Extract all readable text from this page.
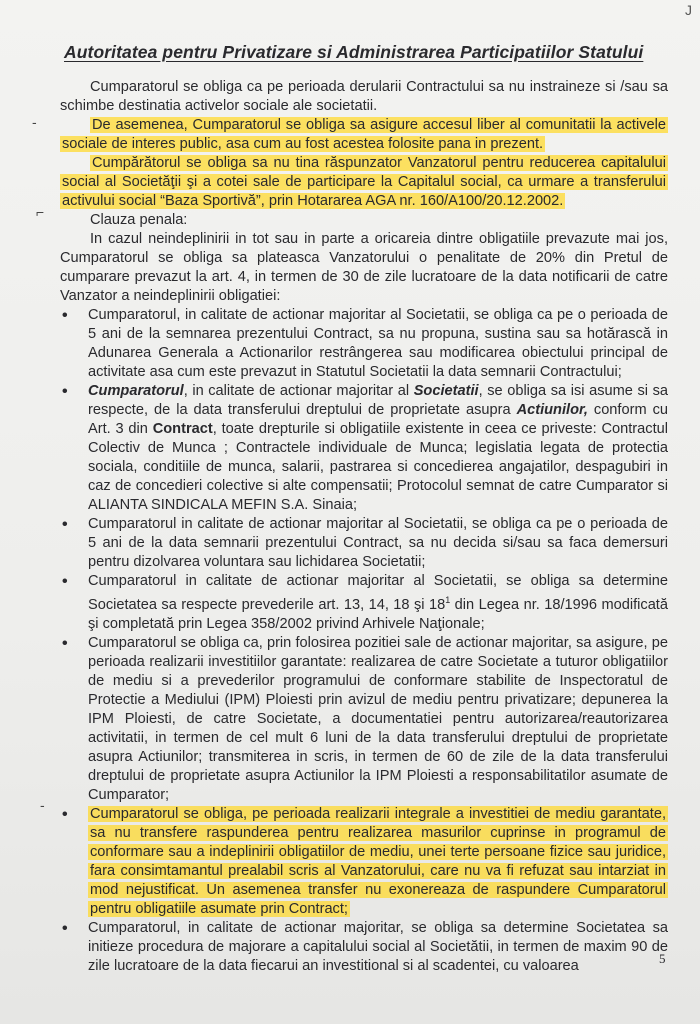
J
Autoritatea pentru Privatizare si Administrarea Participatiilor Statului

Cumparatorul se obliga ca pe perioada derularii Contractului sa nu instraineze si /sau sa schimbe destinatia activelor sociale ale societatii.

De asemenea, Cumparatorul se obliga sa asigure accesul liber al comunitatii la activele sociale de interes public, asa cum au fost acestea folosite pana in prezent.

Cumpărătorul se obliga sa nu tina răspunzator Vanzatorul pentru reducerea capitalului social al Societăţii şi a cotei sale de participare la Capitalul social, ca urmare a transferului activului social “Baza Sportivă”, prin Hotararea AGA nr. 160/A100/20.12.2002.

Clauza penala:

In cazul neindeplinirii in tot sau in parte a oricareia dintre obligatiile prevazute mai jos, Cumparatorul se obliga sa plateasca Vanzatorului o penalitate de 20% din Pretul de cumparare prevazut la art. 4, in termen de 30 de zile lucratoare de la data notificarii de catre Vanzator a neindeplinirii obligatiei:

• Cumparatorul, in calitate de actionar majoritar al Societatii, se obliga ca pe o perioada de 5 ani de la semnarea prezentului Contract, sa nu propuna, sustina sau sa hotărască in Adunarea Generala a Actionarilor restrângerea sau modificarea obiectului principal de activitate asa cum este prevazut in Statutul Societatii la data semnarii Contractului;
• Cumparatorul, in calitate de actionar majoritar al Societatii, se obliga sa isi asume si sa respecte, de la data transferului dreptului de proprietate asupra Actiunilor, conform cu Art. 3 din Contract, toate drepturile si obligatiile existente in ceea ce priveste: Contractul Colectiv de Munca ; Contractele individuale de Munca; legislatia legata de protectia sociala, conditiile de munca, salarii, pastrarea si concedierea angajatilor, despagubiri in caz de concedieri colective si alte compensatii; Protocolul semnat de catre Cumparator si ALIANTA SINDICALA MEFIN S.A. Sinaia;
• Cumparatorul in calitate de actionar majoritar al Societatii, se obliga ca pe o perioada de 5 ani de la data semnarii prezentului Contract, sa nu decida si/sau sa faca demersuri pentru dizolvarea voluntara sau lichidarea Societatii;
• Cumparatorul in calitate de actionar majoritar al Societatii, se obliga sa determine Societatea sa respecte prevederile art. 13, 14, 18 şi $18^1$ din Legea nr. 18/1996 modificată şi completată prin Legea 358/2002 privind Arhivele Naţionale;
• Cumparatorul se obliga ca, prin folosirea pozitiei sale de actionar majoritar, sa asigure, pe perioada realizarii investitiilor garantate: realizarea de catre Societate a tuturor obligatiilor de mediu si a prevederilor programului de conformare stabilite de Inspectoratul de Protectie a Mediului (IPM) Ploiesti prin avizul de mediu pentru privatizare; depunerea la IPM Ploiesti, de catre Societate, a documentatiei pentru autorizarea/reautorizarea activitatii, in termen de cel mult 6 luni de la data transferului dreptului de proprietate asupra Actiunilor; transmiterea in scris, in termen de 60 de zile de la data transferului dreptului de proprietate asupra Actiunilor la IPM Ploiesti a responsabilitatilor asumate de Cumparator;
• Cumparatorul se obliga, pe perioada realizarii integrale a investitiei de mediu garantate, sa nu transfere raspunderea pentru realizarea masurilor cuprinse in programul de conformare sau a indeplinirii obligatiilor de mediu, unei terte persoane fizice sau juridice, fara consimtamantul prealabil scris al Vanzatorului, care nu va fi refuzat sau intarziat in mod nejustificat. Un asemenea transfer nu exonereaza de raspundere Cumparatorul pentru obligatiile asumate prin Contract;
• Cumparatorul, in calitate de actionar majoritar, se obliga sa determine Societatea sa initieze procedura de majorare a capitalului social al Societătii, in termen de maxim 90 de zile lucratoare de la data fiecarui an investitional si al scadentei, cu valoarea
-
⌐
-
5
